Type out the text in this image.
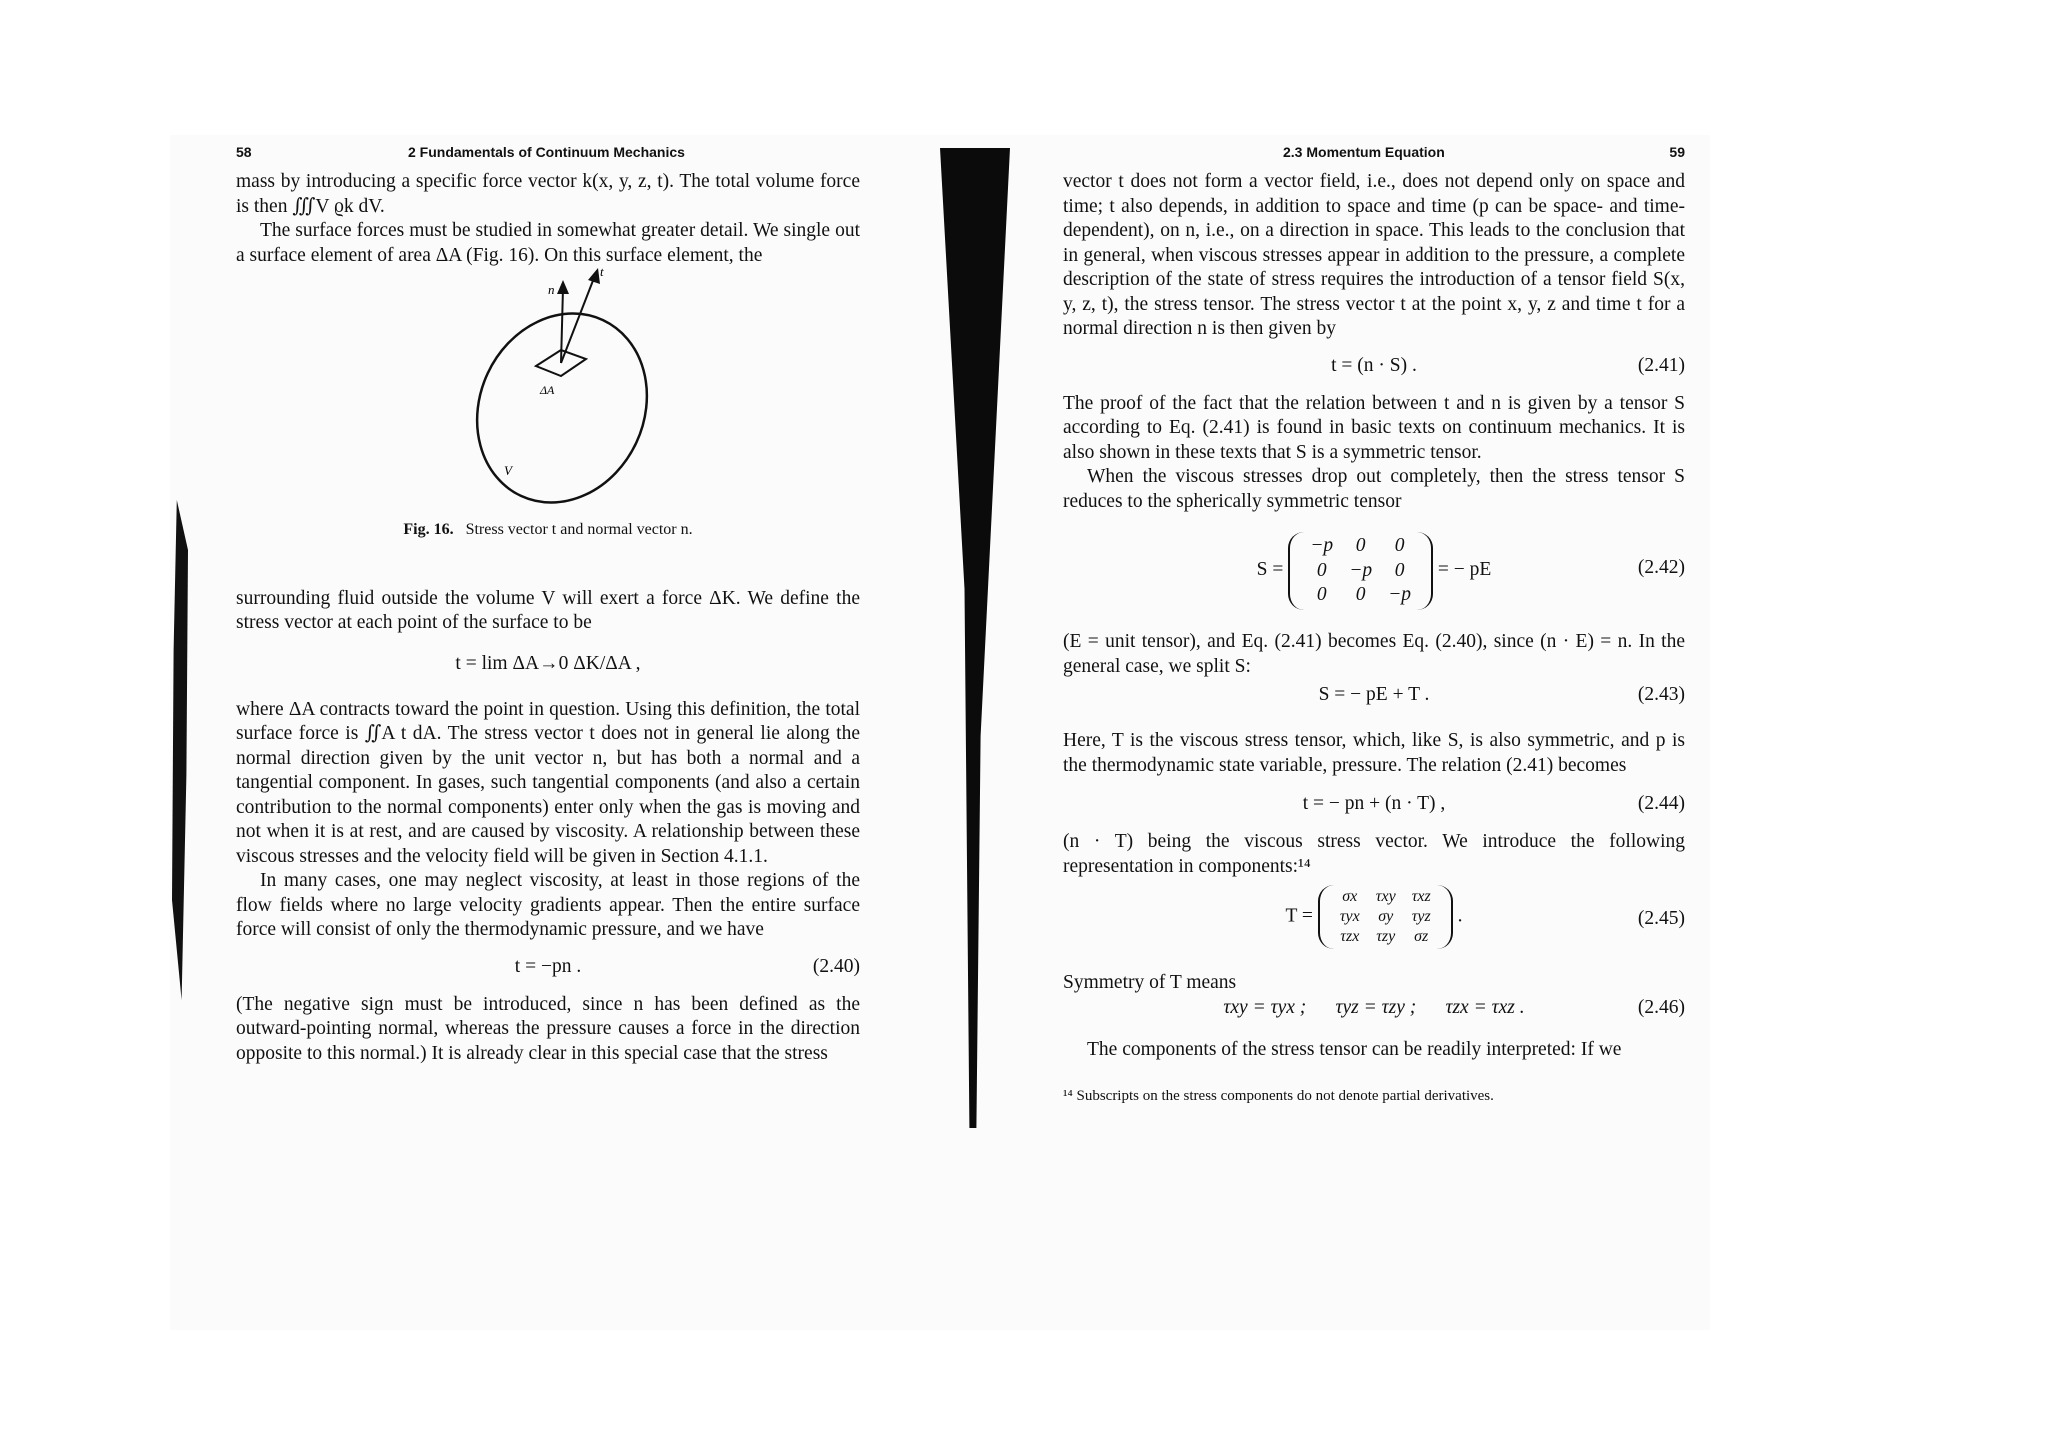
58	2 Fundamentals of Continuum Mechanics

mass by introducing a specific force vector k(x, y, z, t). The total volume force is then ∭V ϱk dV.

The surface forces must be studied in somewhat greater detail. We single out a surface element of area ΔA (Fig. 16). On this surface element, the

n
t
ΔA
V
Fig. 16. Stress vector t and normal vector n.

surrounding fluid outside the volume V will exert a force ΔK. We define the stress vector at each point of the surface to be

t = lim ΔA→0 ΔK/ΔA ,

where ΔA contracts toward the point in question. Using this definition, the total surface force is ∬A t dA. The stress vector t does not in general lie along the normal direction given by the unit vector n, but has both a normal and a tangential component. In gases, such tangential components (and also a certain contribution to the normal components) enter only when the gas is moving and not when it is at rest, and are caused by viscosity. A relationship between these viscous stresses and the velocity field will be given in Section 4.1.1.

In many cases, one may neglect viscosity, at least in those regions of the flow fields where no large velocity gradients appear. Then the entire surface force will consist of only the thermodynamic pressure, and we have

t = −pn .	(2.40)

(The negative sign must be introduced, since n has been defined as the outward-pointing normal, whereas the pressure causes a force in the direction opposite to this normal.) It is already clear in this special case that the stress

2.3 Momentum Equation	59

vector t does not form a vector field, i.e., does not depend only on space and time; t also depends, in addition to space and time (p can be space- and time-dependent), on n, i.e., on a direction in space. This leads to the conclusion that in general, when viscous stresses appear in addition to the pressure, a complete description of the state of stress requires the introduction of a tensor field S(x, y, z, t), the stress tensor. The stress vector t at the point x, y, z and time t for a normal direction n is then given by

t = (n · S) .	(2.41)

The proof of the fact that the relation between t and n is given by a tensor S according to Eq. (2.41) is found in basic texts on continuum mechanics. It is also shown in these texts that S is a symmetric tensor.

When the viscous stresses drop out completely, then the stress tensor S reduces to the spherically symmetric tensor

S =
−p	0	0
0	−p	0
0	0	−p
= − pE	(2.42)

(E = unit tensor), and Eq. (2.41) becomes Eq. (2.40), since (n · E) = n. In the general case, we split S:

S = − pE + T .	(2.43)

Here, T is the viscous stress tensor, which, like S, is also symmetric, and p is the thermodynamic state variable, pressure. The relation (2.41) becomes

t = − pn + (n · T) ,	(2.44)

(n · T) being the viscous stress vector. We introduce the following representation in components:¹⁴

T =
σx	τxy	τxz
τyx	σy	τyz
τzx	τzy	σz
.	(2.45)

Symmetry of T means

τxy = τyx ;      τyz = τzy ;      τzx = τxz .	(2.46)

The components of the stress tensor can be readily interpreted: If we

¹⁴ Subscripts on the stress components do not denote partial derivatives.
